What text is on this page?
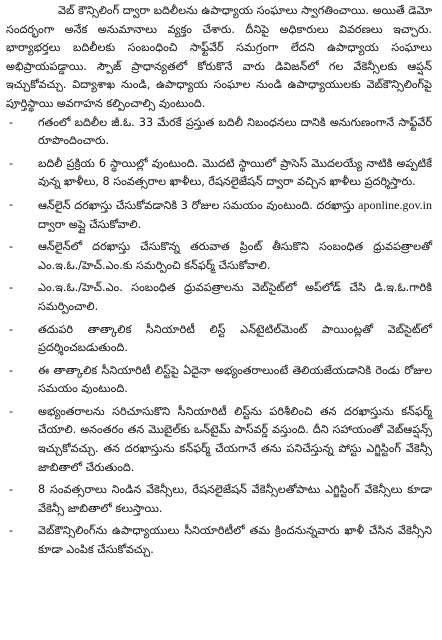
వెబ్ కౌన్సిలింగ్ ద్వారా బదిలీలను ఉపాధ్యాయ సంఘాలు స్వాగతించాయి. అయితే డెమో సందర్భంగా అనేక అనుమానాలు వ్యక్తం చేశారు. దీనిపై అధికారులు వివరణలు ఇచ్చారు. భార్యాభర్తలు బదిలీలకు సంబంధించి సాఫ్ట్‌వేర్ సమగ్రంగా లేదని ఉపాధ్యాయ సంఘాలు అభిప్రాయపడ్డాయి. స్పౌజ్ ప్రాధాన్యతలో కోరుకొనే వారు డివిజన్‌లో గల వేకెన్సీలకు ఆప్షన్ ఇచ్చుకోవచ్చు. విద్యాశాఖ నుండి, ఉపాధ్యాయ సంఘాల నుండి ఉపాధ్యాయులకు వెబ్‌కౌన్సిలింగ్‌పై పూర్తిస్థాయి అవగాహన కల్పించాల్సి వుంటుంది.

-	గతంలో బదిలీల జీ.ఓ. 33 మేరకే ప్రస్తుత బదిలీ నిబంధనలు దానికి అనుగుణంగానే సాఫ్ట్‌వేర్ రూపొందించారు.
-	బదిలీ ప్రక్రియ 6 స్థాయిల్లో వుంటుంది. మొదటి స్థాయిలో ప్రాసెస్ మొదలయ్యే నాటికి అప్పటికే వున్న ఖాళీలు, 8 సంవత్సరాల ఖాళీలు, రేషనలైజేషన్ ద్వారా వచ్చిన ఖాళీలు ప్రదర్శిస్తారు.
-	ఆన్‌లైన్ దరఖాస్తు చేసుకోవడానికి 3 రోజుల సమయం వుంటుంది. దరఖాస్తు aponline.gov.in ద్వారా అప్లై చేసుకోవాలి.
-	ఆన్‌లైన్‌లో దరఖాస్తు చేసుకొన్న తరువాత ప్రింట్ తీసుకొని సంబంధిత ధ్రువపత్రాలతో ఎం.ఇ.ఓ./హెచ్.ఎం.కు సమర్పించి కన్‌ఫర్మ్ చేసుకోవాలి.
-	ఎం.ఇ.ఓ./హెచ్.ఎం. సంబంధిత ధ్రువపత్రాలను వెబ్‌సైట్‌లో అప్‌లోడ్ చేసి డి.ఇ.ఓ.గారికి సమర్పించాలి.
-	తదుపరి తాత్కాలిక సీనియారిటీ లిస్ట్ ఎన్‌టైటిల్‌మెంట్ పాయింట్లతో వెబ్‌సైట్‌లో ప్రదర్శించబడుతుంది.
-	ఈ తాత్కాలిక సీనియారిటీ లిస్ట్‌పై ఏదైనా అభ్యంతరాలుంటే తెలియజేయడానికి రెండు రోజుల సమయం వుంటుంది.
-	అభ్యంతరాలను సరిచూసుకొని సీనియారిటీ లిస్ట్‌ను పరిశీలించి తన దరఖాస్తును కన్‌ఫర్మ్ చేయాలి. అనంతరం తన మొబైల్‌కు ఒన్‌టైమ్ పాస్‌వర్డ్ వస్తుంది. దీని సహాయంతో వెబ్‌ఆప్షన్స్ ఇచ్చుకోవచ్చు. తన దరఖాస్తును కన్‌ఫర్మ్ చేయగానే తను పనిచేస్తున్న పోస్టు ఎగ్జిస్టింగ్ వేకెన్సీ జాబితాలో చేరుతుంది.
-	8 సంవత్సరాలు నిండిన వేకెన్సీలు, రేషనలైజేషన్ వేకెన్సీలతోపాటు ఎగ్జిస్టింగ్ వేకెన్సీలు కూడా వేకెన్సీ జాబితాలో కలుస్తాయి.
-	వెబ్‌కౌన్సిలింగ్‌ను ఉపాధ్యాయులు సీనియారిటీలో తమ క్రిందనున్నవారు ఖాళీ చేసిన వేకెన్సీని కూడా ఎంపిక చేసుకోవచ్చు.
